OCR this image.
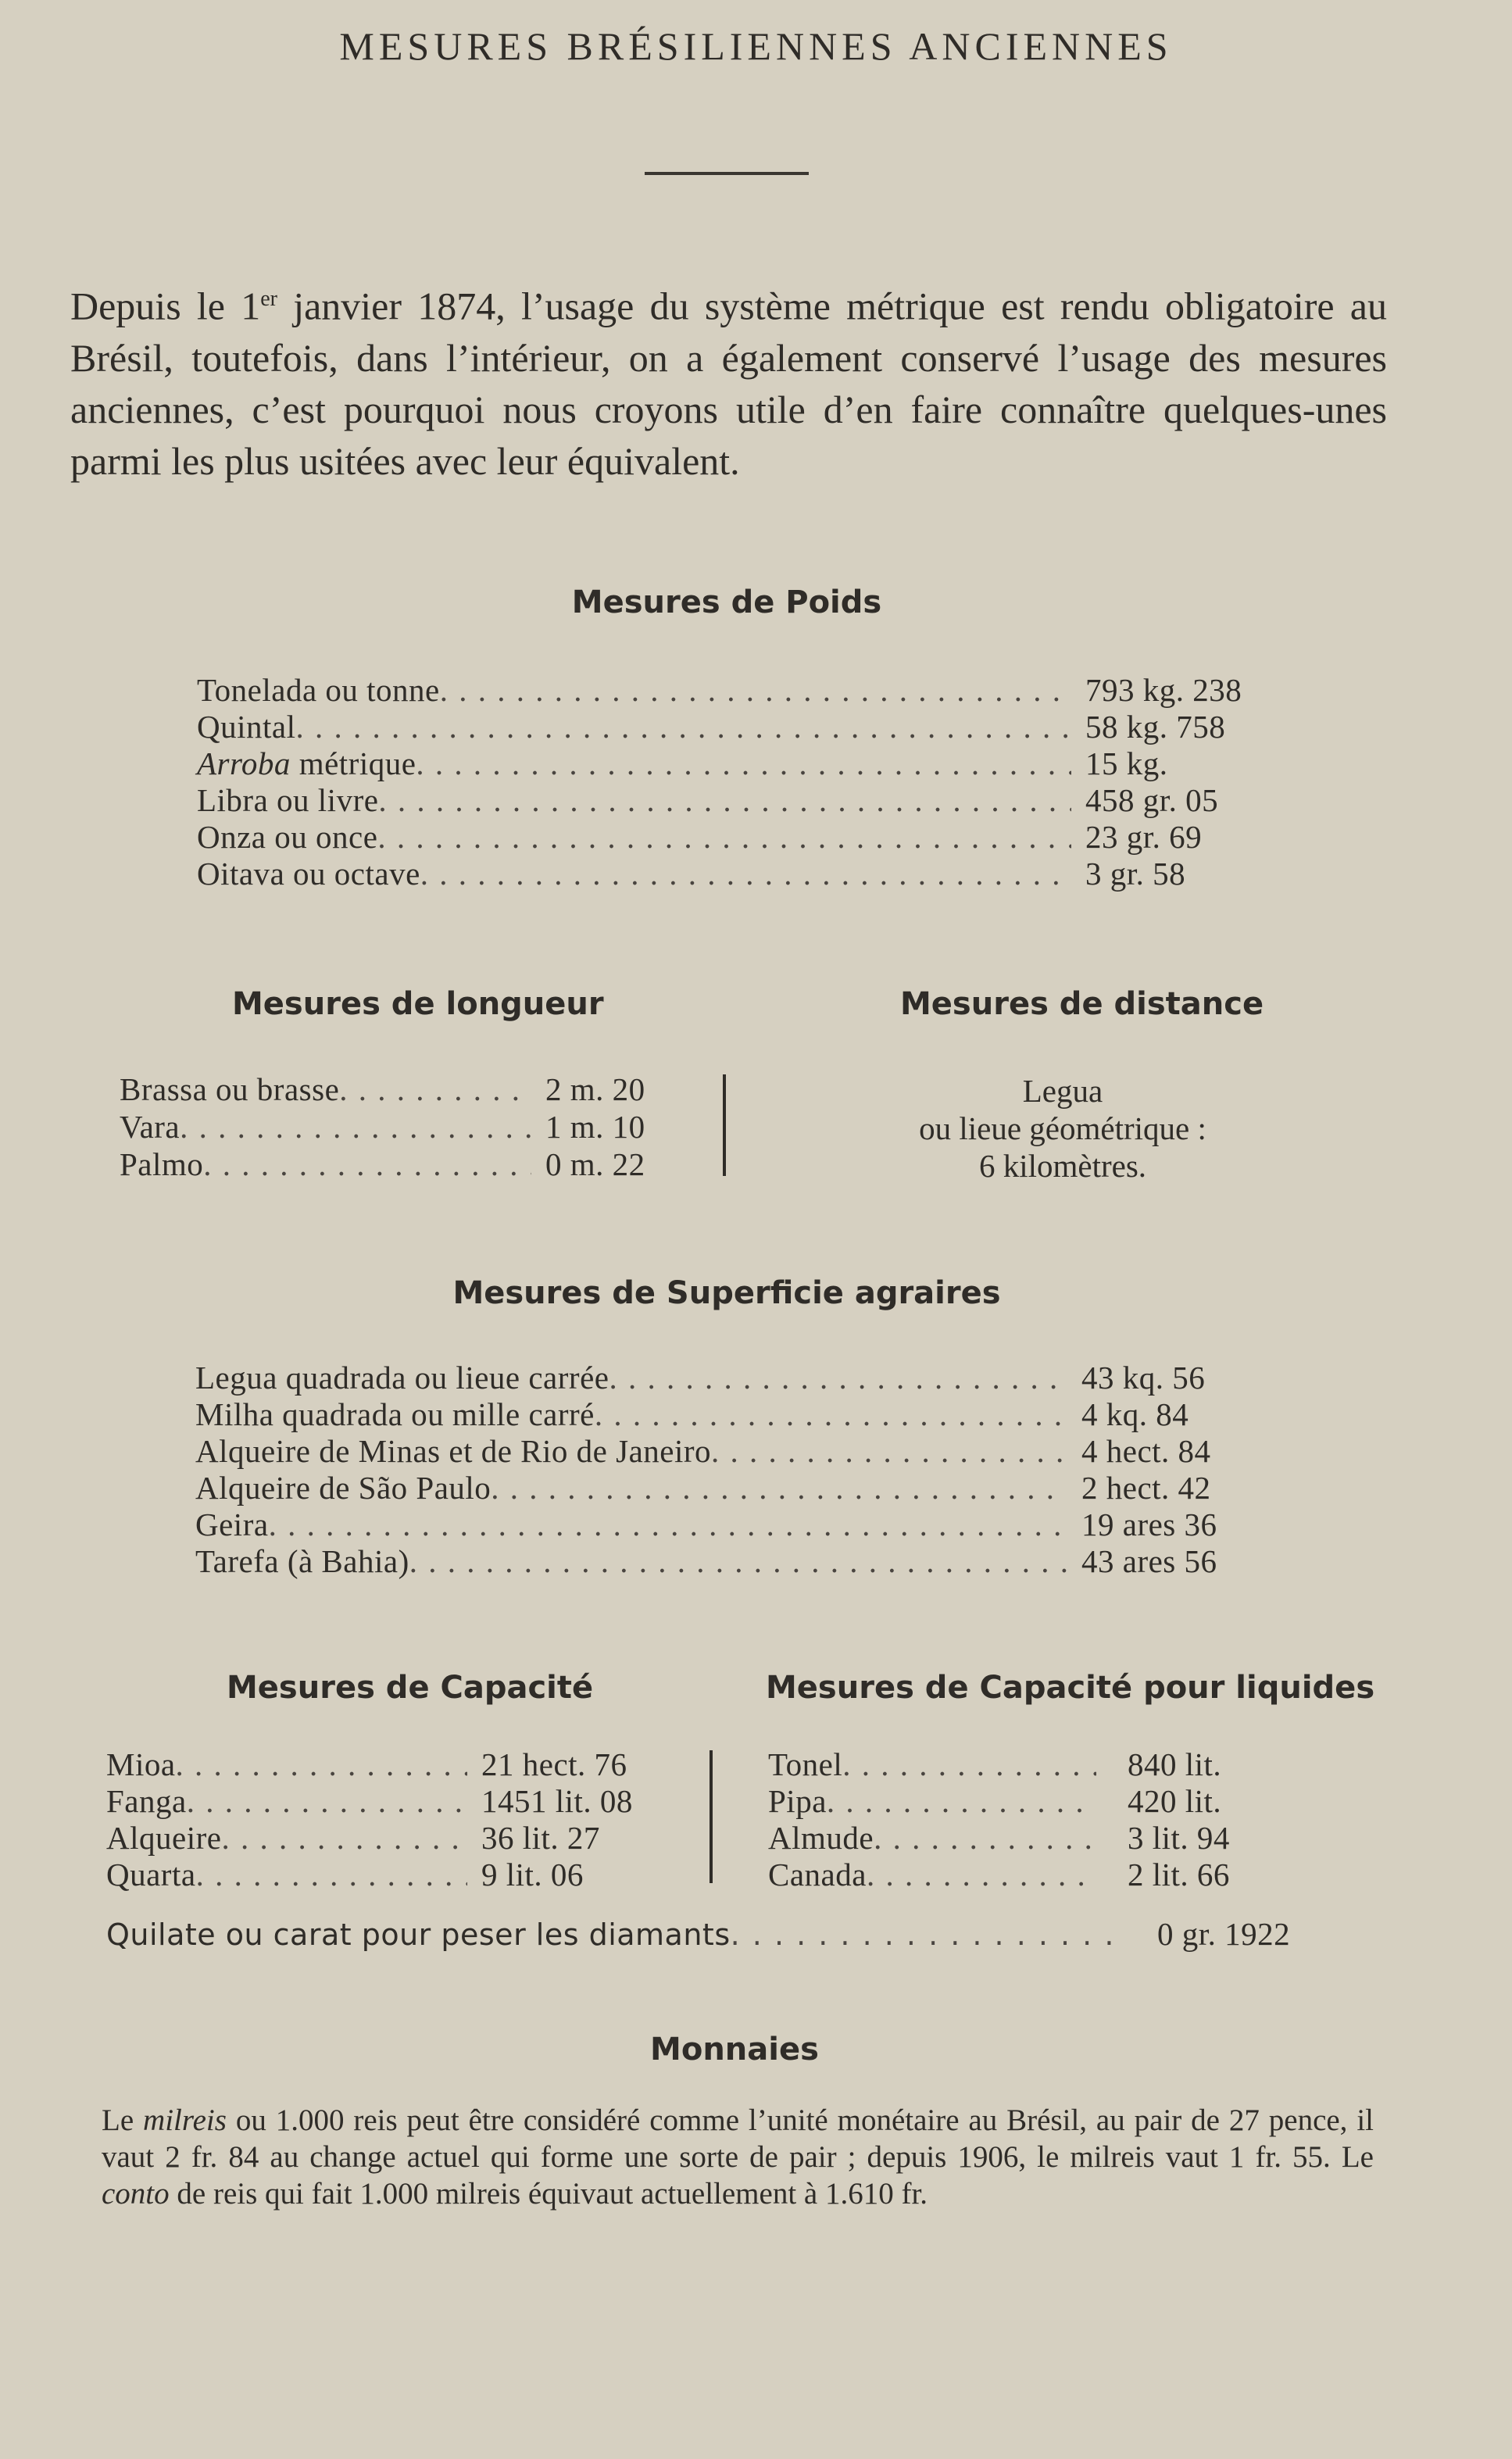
MESURES BRÉSILIENNES ANCIENNES

Depuis le 1er janvier 1874, l’usage du système métrique est rendu obligatoire au Brésil, toutefois, dans l’intérieur, on a également conservé l’usage des mesures anciennes, c’est pourquoi nous croyons utile d’en faire connaître quelques-unes parmi les plus usitées avec leur équivalent.

Mesures de Poids
Tonelada ou tonne . . .	793 kg. 238
Quintal . . .	58 kg. 758
Arroba métrique . . .	15 kg.
Libra ou livre . . .	458 gr. 05
Onza ou once . . .	23 gr. 69
Oitava ou octave . . .	3 gr. 58
Mesures de longueur
Brassa ou brasse . . .	2 m. 20
Vara . . .	1 m. 10
Palmo . . .	0 m. 22
Mesures de distance
Legua
ou lieue géométrique :
6 kilomètres.
Mesures de Superficie agraires
Legua quadrada ou lieue carrée . . .	43 kq. 56
Milha quadrada ou mille carré . . .	4 kq. 84
Alqueire de Minas et de Rio de Janeiro . . .	4 hect. 84
Alqueire de São Paulo . . .	2 hect. 42
Geira . . .	19 ares 36
Tarefa (à Bahia) . . .	43 ares 56
Mesures de Capacité
Mioa . . .	21 hect. 76
Fanga . . .	1451 lit. 08
Alqueire . . .	36 lit. 27
Quarta . . .	9 lit. 06
Mesures de Capacité pour liquides
Tonel . . .	840 lit.
Pipa . . .	420 lit.
Almude . . .	3 lit. 94
Canada . . .	2 lit. 66
Quilate ou carat pour peser les diamants . . .	0 gr. 1922
Monnaies

Le milreis ou 1.000 reis peut être considéré comme l’unité monétaire au Brésil, au pair de 27 pence, il vaut 2 fr. 84 au change actuel qui forme une sorte de pair ; depuis 1906, le milreis vaut 1 fr. 55. Le conto de reis qui fait 1.000 milreis équivaut actuellement à 1.610 fr.
